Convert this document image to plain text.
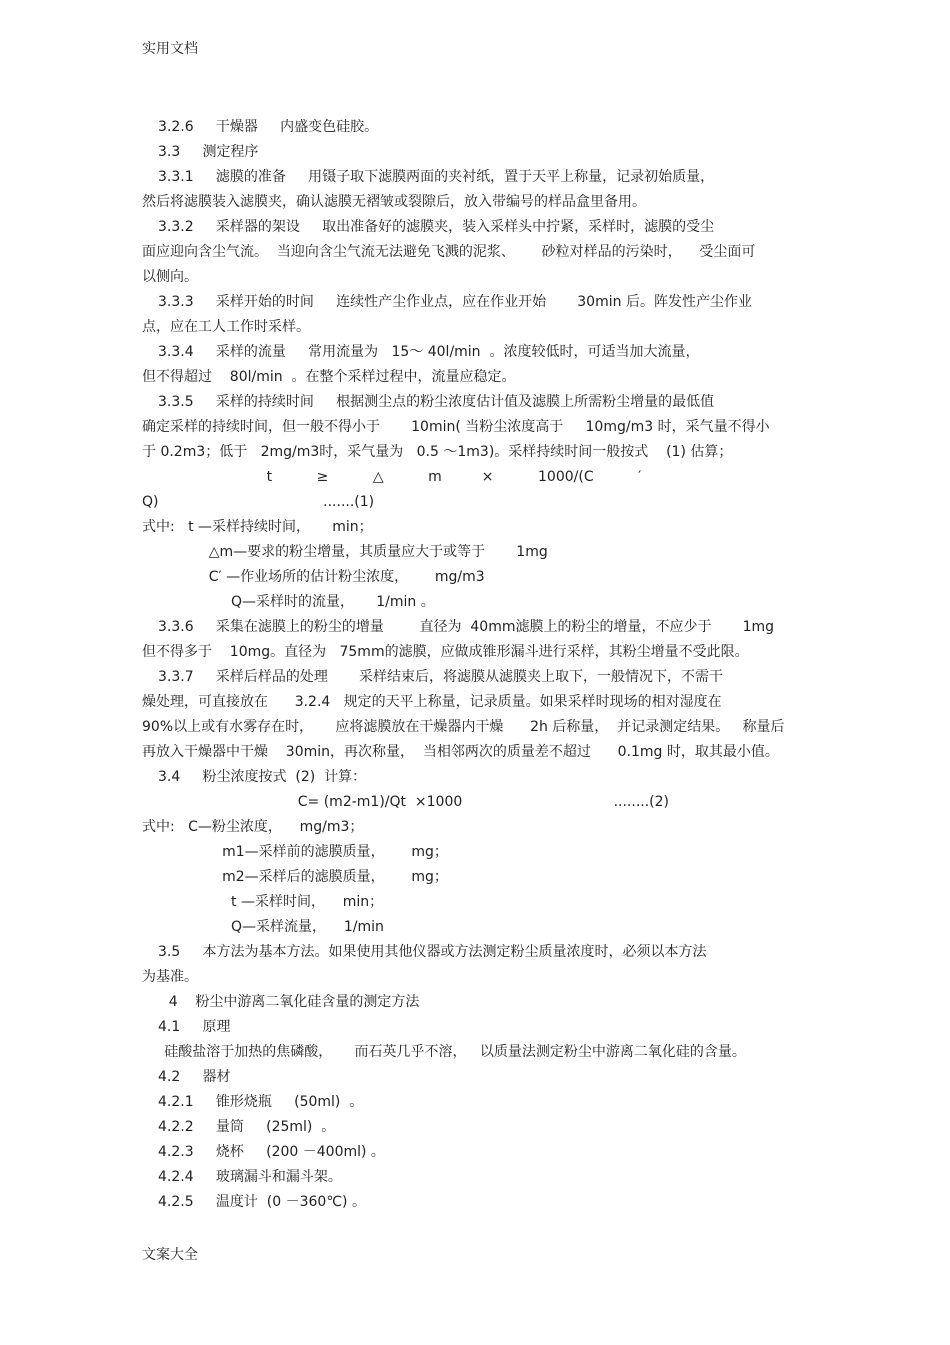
实用文档
3.2.6     干燥器     内盛变色硅胶。
3.3     测定程序
3.3.1     滤膜的准备     用镊子取下滤膜两面的夹衬纸，置于天平上称量，记录初始质量，
然后将滤膜装入滤膜夹，确认滤膜无褶皱或裂隙后，放入带编号的样品盒里备用。
3.3.2     采样器的架设     取出准备好的滤膜夹，装入采样头中拧紧，采样时，滤膜的受尘
面应迎向含尘气流。  当迎向含尘气流无法避免飞溅的泥浆、      砂粒对样品的污染时，    受尘面可
以侧向。
3.3.3     采样开始的时间     连续性产尘作业点，应在作业开始       30min 后。阵发性产尘作业
点，应在工人工作时采样。
3.3.4     采样的流量     常用流量为   15～ 40l/min  。浓度较低时，可适当加大流量，
但不得超过    80l/min  。在整个采样过程中，流量应稳定。
3.3.5     采样的持续时间     根据测尘点的粉尘浓度估计值及滤膜上所需粉尘增量的最低值
确定采样的持续时间，但一般不得小于       10min( 当粉尘浓度高于     10mg/m3 时，采气量不得小
于 0.2m3；低于   2mg/m3时，采气量为   0.5 ～1m3)。采样持续时间一般按式    (1) 估算；
t          ≥          △          m         ×          1000/(C          ′
Q)                                     .......(1)
式中:   t —采样持续时间，     min；
△m—要求的粉尘增量，其质量应大于或等于       1mg
C′ —作业场所的估计粉尘浓度，      mg/m3
Q—采样时的流量，     1/min 。
3.3.6     采集在滤膜上的粉尘的增量        直径为  40mm滤膜上的粉尘的增量，不应少于       1mg
但不得多于    10mg。直径为   75mm的滤膜，应做成锥形漏斗进行采样，其粉尘增量不受此限。
3.3.7     采样后样品的处理       采样结束后，将滤膜从滤膜夹上取下，一般情况下，不需干
燥处理，可直接放在      3.2.4   规定的天平上称量，记录质量。如果采样时现场的相对湿度在
90%以上或有水雾存在时，     应将滤膜放在干燥器内干燥      2h 后称量，  并记录测定结果。   称量后
再放入干燥器中干燥    30min，再次称量，  当相邻两次的质量差不超过      0.1mg 时，取其最小值。
3.4     粉尘浓度按式  (2)  计算：
C= (m2-m1)/Qt  ×1000                                  ........(2)
式中:   C—粉尘浓度，    mg/m3；
m1—采样前的滤膜质量，      mg；
m2—采样后的滤膜质量，      mg；
t —采样时间，    min；
Q—采样流量，    1/min
3.5     本方法为基本方法。如果使用其他仪器或方法测定粉尘质量浓度时，必须以本方法
为基准。
4    粉尘中游离二氧化硅含量的测定方法
4.1     原理
硅酸盐溶于加热的焦磷酸，     而石英几乎不溶，   以质量法测定粉尘中游离二氧化硅的含量。
4.2     器材
4.2.1     锥形烧瓶     (50ml)  。
4.2.2     量筒     (25ml)  。
4.2.3     烧杯     (200 －400ml) 。
4.2.4     玻璃漏斗和漏斗架。
4.2.5     温度计  (0 －360℃) 。
文案大全
